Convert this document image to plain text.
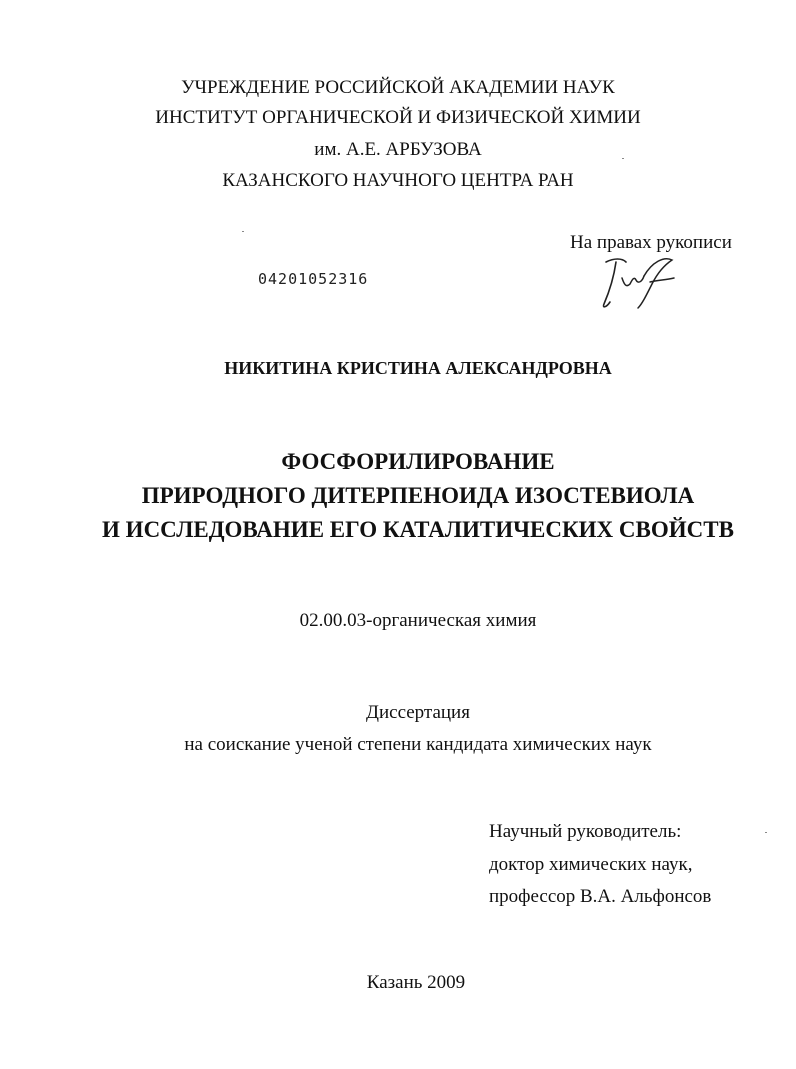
УЧРЕЖДЕНИЕ РОССИЙСКОЙ АКАДЕМИИ НАУК
ИНСТИТУТ ОРГАНИЧЕСКОЙ И ФИЗИЧЕСКОЙ ХИМИИ
им. А.Е. АРБУЗОВА
КАЗАНСКОГО НАУЧНОГО ЦЕНТРА РАН
На правах рукописи
04201052316
НИКИТИНА КРИСТИНА АЛЕКСАНДРОВНА
ФОСФОРИЛИРОВАНИЕ
ПРИРОДНОГО ДИТЕРПЕНОИДА ИЗОСТЕВИОЛА
И ИССЛЕДОВАНИЕ ЕГО КАТАЛИТИЧЕСКИХ СВОЙСТВ
02.00.03-органическая химия
Диссертация
на соискание ученой степени кандидата химических наук
Научный руководитель:
доктор химических наук,
профессор В.А. Альфонсов
Казань 2009
